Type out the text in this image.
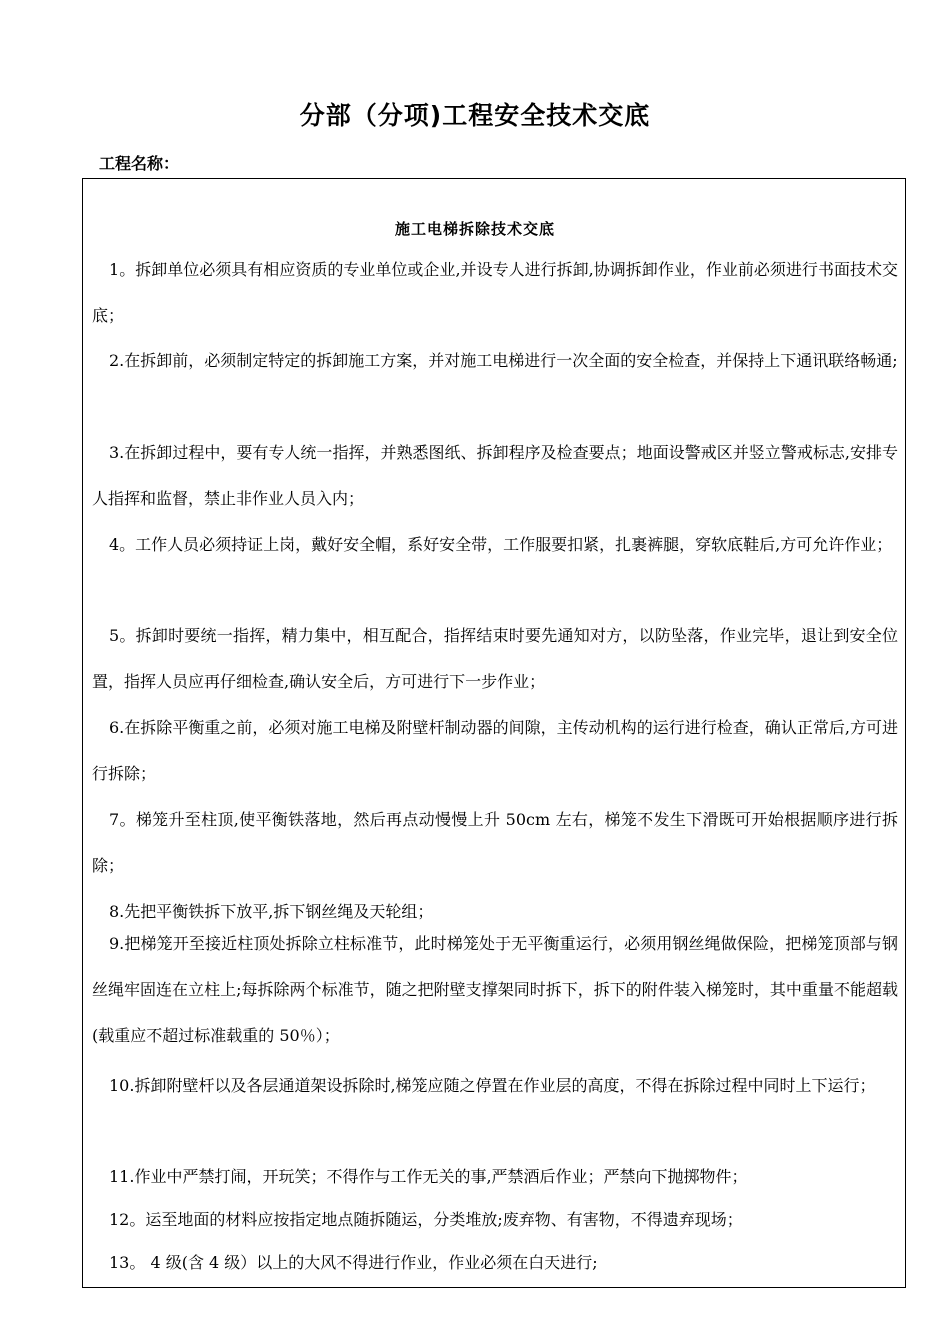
分部（分项)工程安全技术交底
工程名称：
施工电梯拆除技术交底

1。拆卸单位必须具有相应资质的专业单位或企业,并设专人进行拆卸,协调拆卸作业，作业前必须进行书面技术交底；

2.在拆卸前，必须制定特定的拆卸施工方案，并对施工电梯进行一次全面的安全检查，并保持上下通讯联络畅通;

3.在拆卸过程中，要有专人统一指挥，并熟悉图纸、拆卸程序及检查要点；地面设警戒区并竖立警戒标志,安排专人指挥和监督，禁止非作业人员入内；

4。工作人员必须持证上岗，戴好安全帽，系好安全带，工作服要扣紧，扎裹裤腿，穿软底鞋后,方可允许作业；

5。拆卸时要统一指挥，精力集中，相互配合，指挥结束时要先通知对方，以防坠落，作业完毕，退让到安全位置，指挥人员应再仔细检查,确认安全后，方可进行下一步作业；

6.在拆除平衡重之前，必须对施工电梯及附壁杆制动器的间隙，主传动机构的运行进行检查，确认正常后,方可进行拆除；

7。梯笼升至柱顶,使平衡铁落地，然后再点动慢慢上升 50cm 左右，梯笼不发生下滑既可开始根据顺序进行拆除；

8.先把平衡铁拆下放平,拆下钢丝绳及天轮组；

9.把梯笼开至接近柱顶处拆除立柱标准节，此时梯笼处于无平衡重运行，必须用钢丝绳做保险，把梯笼顶部与钢丝绳牢固连在立柱上;每拆除两个标准节，随之把附壁支撑架同时拆下，拆下的附件装入梯笼时，其中重量不能超载(载重应不超过标准载重的 50％）；

10.拆卸附壁杆以及各层通道架设拆除时,梯笼应随之停置在作业层的高度，不得在拆除过程中同时上下运行；

11.作业中严禁打闹，开玩笑；不得作与工作无关的事,严禁酒后作业；严禁向下抛掷物件；

12。运至地面的材料应按指定地点随拆随运，分类堆放;废弃物、有害物，不得遗弃现场；

13。 4 级(含 4 级）以上的大风不得进行作业，作业必须在白天进行;
